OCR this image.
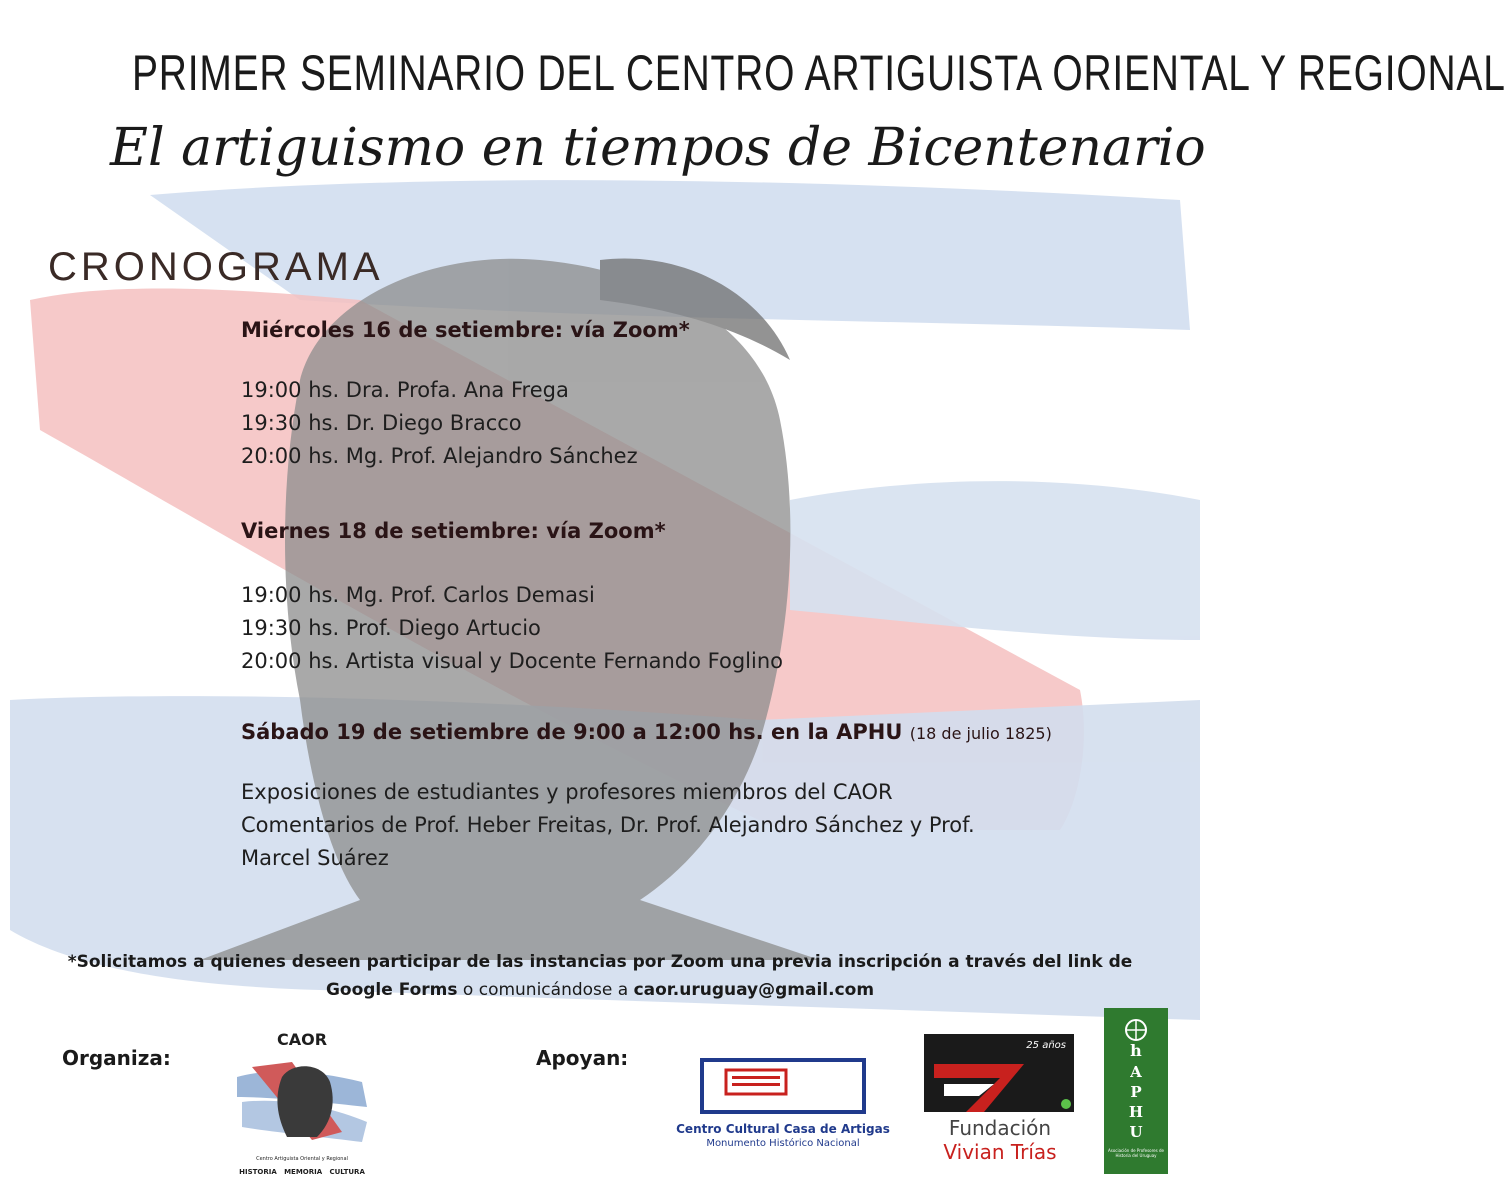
PRIMER SEMINARIO DEL CENTRO ARTIGUISTA ORIENTAL Y REGIONAL
El artiguismo en tiempos de Bicentenario
CRONOGRAMA
Miércoles 16 de setiembre: vía Zoom*
19:00 hs. Dra. Profa. Ana Frega
19:30 hs. Dr. Diego Bracco
20:00 hs. Mg. Prof. Alejandro Sánchez
Viernes 18 de setiembre: vía Zoom*
19:00 hs. Mg. Prof. Carlos Demasi
19:30 hs. Prof. Diego Artucio
20:00 hs. Artista visual y Docente Fernando Foglino
Sábado 19 de setiembre de 9:00 a 12:00 hs. en la APHU (18 de julio 1825)
Exposiciones de estudiantes y profesores miembros del CAOR
Comentarios de Prof. Heber Freitas, Dr. Prof. Alejandro Sánchez y Prof.
Marcel Suárez
*Solicitamos a quienes deseen participar de las instancias por Zoom una previa inscripción a través del link de
Google Forms o comunicándose a caor.uruguay@gmail.com
Organiza:	Apoyan:
CAOR
Centro Artiguista Oriental y Regional
HISTORIA   MEMORIA   CULTURA
Centro Cultural Casa de Artigas
Monumento Histórico Nacional
25 años
Fundación
Vivian Trías
h
A
P
H
U
Asociación de Profesores de Historia del Uruguay
